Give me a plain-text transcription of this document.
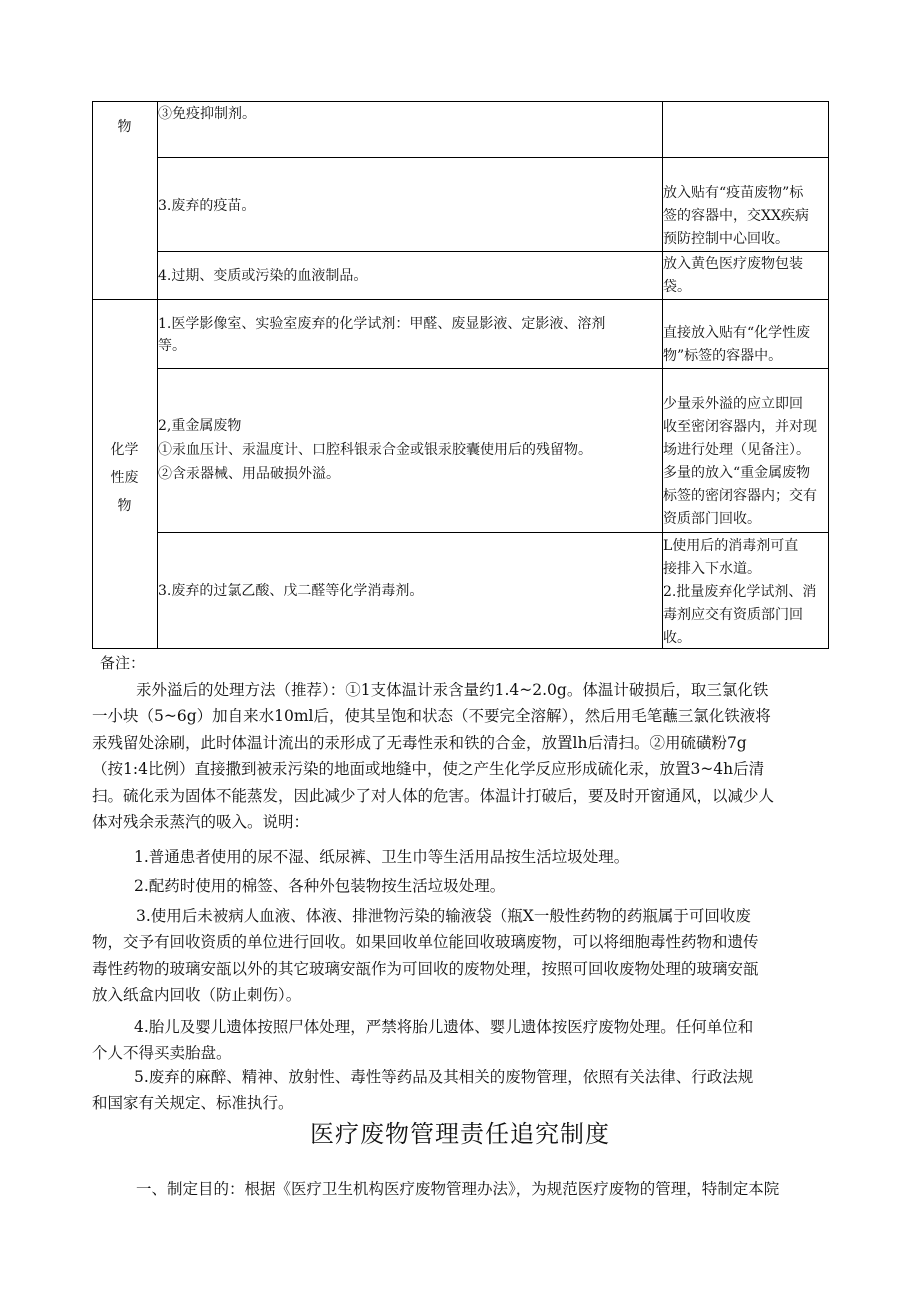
物
化学
性废
物
③免疫抑制剂。
3.废弃的疫苗。
放入贴有“疫苗废物”标
签的容器中，交XX疾病
预防控制中心回收。
4.过期、变质或污染的血液制品。
放入黄色医疗废物包装
袋。
1.医学影像室、实验室废弃的化学试剂：甲醛、废显影液、定影液、溶剂
等。
直接放入贴有“化学性废
物”标签的容器中。
2,重金属废物
①汞血压计、汞温度计、口腔科银汞合金或银汞胶囊使用后的残留物。
②含汞器械、用品破损外溢。
少量汞外溢的应立即回
收至密闭容器内，并对现
场进行处理（见备注）。
多量的放入“重金属废物
标签的密闭容器内；交有
资质部门回收。
3.废弃的过氯乙酸、戊二醛等化学消毒剂。
L使用后的消毒剂可直
接排入下水道。
2.批量废弃化学试剂、消
毒剂应交有资质部门回
收。
备注：
汞外溢后的处理方法（推荐）：①1支体温计汞含量约1.4~2.0g。体温计破损后，取三氯化铁
一小块（5~6g）加自来水10ml后，使其呈饱和状态（不要完全溶解），然后用毛笔蘸三氯化铁液将
汞残留处涂刷，此时体温计流出的汞形成了无毒性汞和铁的合金，放置lh后清扫。②用硫磺粉7g
（按1:4比例）直接撒到被汞污染的地面或地缝中，使之产生化学反应形成硫化汞，放置3~4h后清
扫。硫化汞为固体不能蒸发，因此减少了对人体的危害。体温计打破后，要及时开窗通风，以减少人
体对残余汞蒸汽的吸入。说明：
1.普通患者使用的尿不湿、纸尿裤、卫生巾等生活用品按生活垃圾处理。
2.配药时使用的棉签、各种外包装物按生活垃圾处理。
3.使用后未被病人血液、体液、排泄物污染的输液袋（瓶X一般性药物的药瓶属于可回收废
物，交予有回收资质的单位进行回收。如果回收单位能回收玻璃废物，可以将细胞毒性药物和遗传
毒性药物的玻璃安瓿以外的其它玻璃安瓿作为可回收的废物处理，按照可回收废物处理的玻璃安瓿
放入纸盒内回收（防止刺伤）。
4.胎儿及婴儿遗体按照尸体处理，严禁将胎儿遗体、婴儿遗体按医疗废物处理。任何单位和
个人不得买卖胎盘。
5.废弃的麻醉、精神、放射性、毒性等药品及其相关的废物管理，依照有关法律、行政法规
和国家有关规定、标准执行。
医疗废物管理责任追究制度
一、制定目的：根据《医疗卫生机构医疗废物管理办法》，为规范医疗废物的管理，特制定本院
